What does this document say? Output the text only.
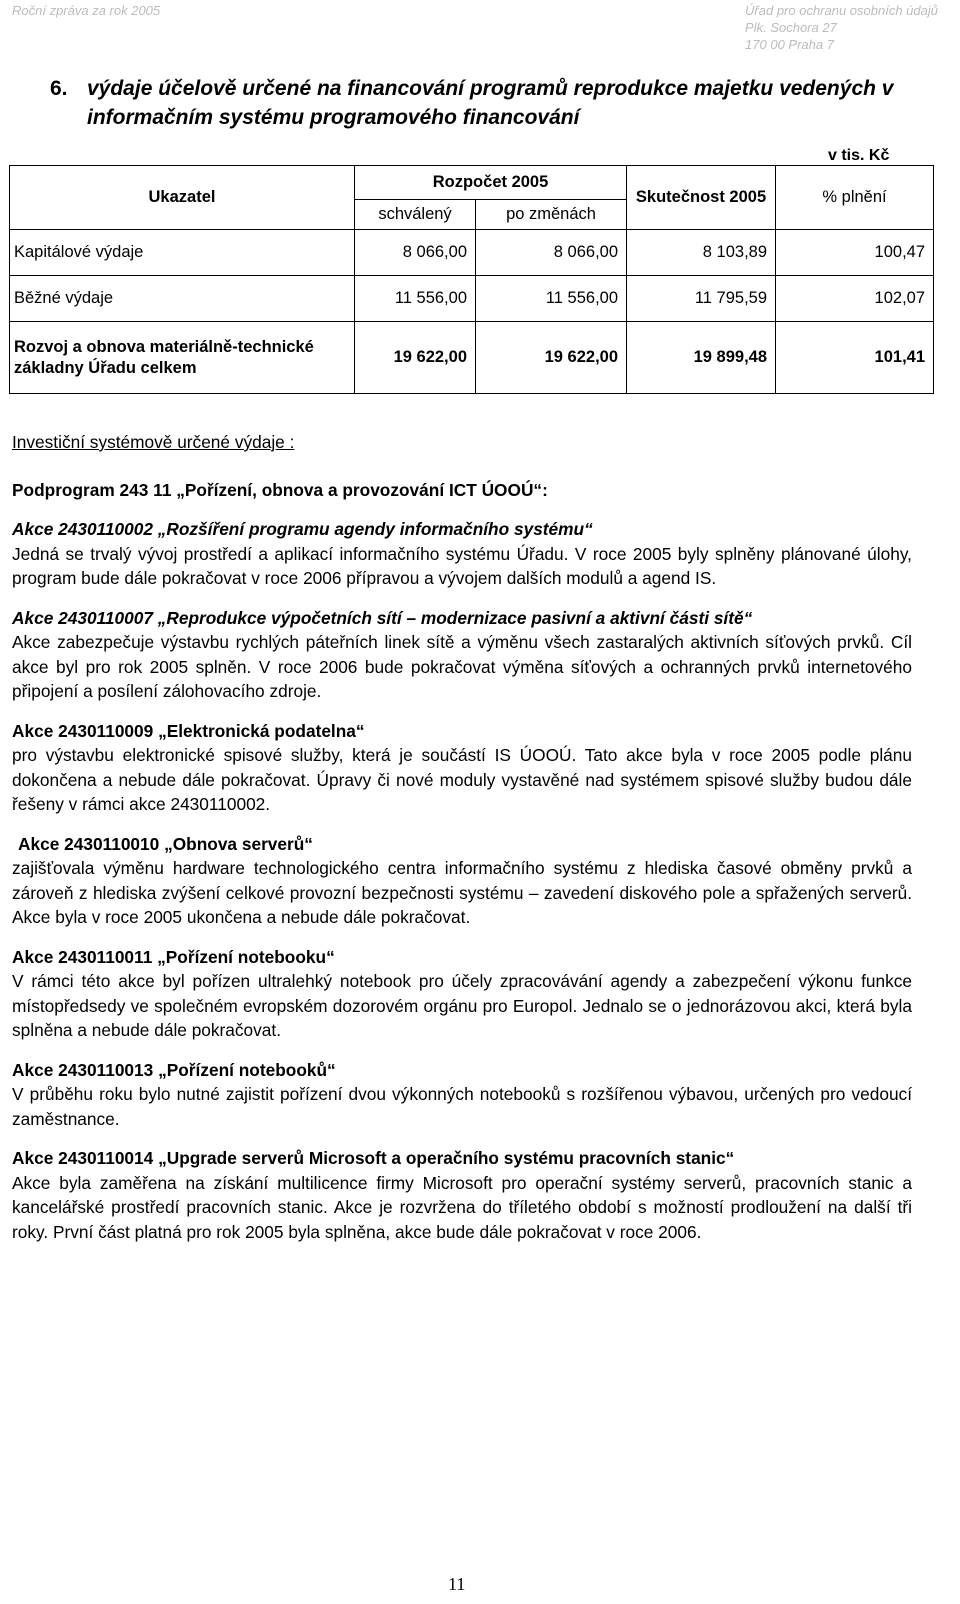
Roční zpráva za rok 2005	Úřad pro ochranu osobních údajů
Plk. Sochora 27
170 00 Praha 7
6. výdaje účelově určené na financování programů reprodukce majetku vedených v informačním systému programového financování
v tis. Kč
Ukazatel	Rozpočet 2005		Skutečnost 2005	% plnění
	schválený	po změnách		
Kapitálové výdaje	8 066,00	8 066,00	8 103,89	100,47
Běžné výdaje	11 556,00	11 556,00	11 795,59	102,07
Rozvoj a obnova materiálně-technické základny Úřadu celkem	19 622,00	19 622,00	19 899,48	101,41

Investiční systémově určené výdaje :

Podprogram 243 11 „Pořízení, obnova a provozování ICT ÚOOÚ“:

Akce 2430110002 „Rozšíření programu agendy informačního systému“

Jedná se trvalý vývoj prostředí a aplikací informačního systému Úřadu. V roce 2005 byly splněny plánované úlohy, program bude dále pokračovat v roce 2006 přípravou a vývojem dalších modulů a agend IS.

Akce 2430110007 „Reprodukce výpočetních sítí – modernizace pasivní a aktivní části sítě“

Akce zabezpečuje výstavbu rychlých páteřních linek sítě a výměnu všech zastaralých aktivních síťových prvků. Cíl akce byl pro rok 2005 splněn. V roce 2006 bude pokračovat výměna síťových a ochranných prvků internetového připojení a posílení zálohovacího zdroje.

Akce 2430110009 „Elektronická podatelna“

pro výstavbu elektronické spisové služby, která je součástí IS ÚOOÚ. Tato akce byla v roce 2005 podle plánu dokončena a nebude dále pokračovat. Úpravy či nové moduly vystavěné nad systémem spisové služby budou dále řešeny v rámci akce 2430110002.

Akce 2430110010 „Obnova serverů“

zajišťovala výměnu hardware technologického centra informačního systému z hlediska časové obměny prvků a zároveň z hlediska zvýšení celkové provozní bezpečnosti systému – zavedení diskového pole a spřažených serverů. Akce byla v roce 2005 ukončena a nebude dále pokračovat.

Akce 2430110011 „Pořízení notebooku“

V rámci této akce byl pořízen ultralehký notebook pro účely zpracovávání agendy a zabezpečení výkonu funkce místopředsedy ve společném evropském dozorovém orgánu pro Europol. Jednalo se o jednorázovou akci, která byla splněna a nebude dále pokračovat.

Akce 2430110013 „Pořízení notebooků“

V průběhu roku bylo nutné zajistit pořízení dvou výkonných notebooků s rozšířenou výbavou, určených pro vedoucí zaměstnance.

Akce 2430110014 „Upgrade serverů Microsoft a operačního systému pracovních stanic“

Akce byla zaměřena na získání multilicence firmy Microsoft pro operační systémy serverů, pracovních stanic a kancelářské prostředí pracovních stanic. Akce je rozvržena do tříletého období s možností prodloužení na další tři roky. První část platná pro rok 2005 byla splněna, akce bude dále pokračovat v roce 2006.

11
